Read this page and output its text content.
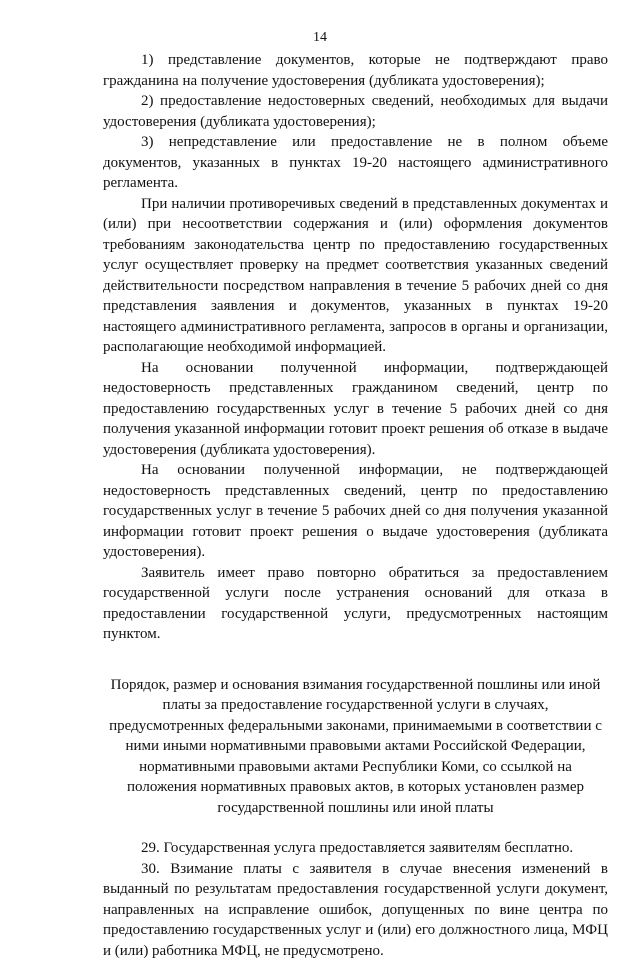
14

1) представление документов, которые не подтверждают право гражданина на получение удостоверения (дубликата удостоверения);

2) предоставление недостоверных сведений, необходимых для выдачи удостоверения (дубликата удостоверения);

3) непредставление или предоставление не в полном объеме документов, указанных в пунктах 19-20 настоящего административного регламента.

При наличии противоречивых сведений в представленных документах и (или) при несоответствии содержания и (или) оформления документов требованиям законодательства центр по предоставлению государственных услуг осуществляет проверку на предмет соответствия указанных сведений действительности посредством направления в течение 5 рабочих дней со дня представления заявления и документов, указанных в пунктах 19-20 настоящего административного регламента, запросов в органы и организации, располагающие необходимой информацией.

На основании полученной информации, подтверждающей недостоверность представленных гражданином сведений, центр по предоставлению государственных услуг в течение 5 рабочих дней со дня получения указанной информации готовит проект решения об отказе в выдаче удостоверения (дубликата удостоверения).

На основании полученной информации, не подтверждающей недостоверность представленных сведений, центр по предоставлению государственных услуг в течение 5 рабочих дней со дня получения указанной информации готовит проект решения о выдаче удостоверения (дубликата удостоверения).

Заявитель имеет право повторно обратиться за предоставлением государственной услуги после устранения оснований для отказа в предоставлении государственной услуги, предусмотренных настоящим пунктом.

Порядок, размер и основания взимания государственной пошлины или иной платы за предоставление государственной услуги в случаях, предусмотренных федеральными законами, принимаемыми в соответствии с ними иными нормативными правовыми актами Российской Федерации, нормативными правовыми актами Республики Коми, со ссылкой на положения нормативных правовых актов, в которых установлен размер государственной пошлины или иной платы

29. Государственная услуга предоставляется заявителям бесплатно.

30. Взимание платы с заявителя в случае внесения изменений в выданный по результатам предоставления государственной услуги документ, направленных на исправление ошибок, допущенных по вине центра по предоставлению государственных услуг и (или) его должностного лица, МФЦ и (или) работника МФЦ, не предусмотрено.
